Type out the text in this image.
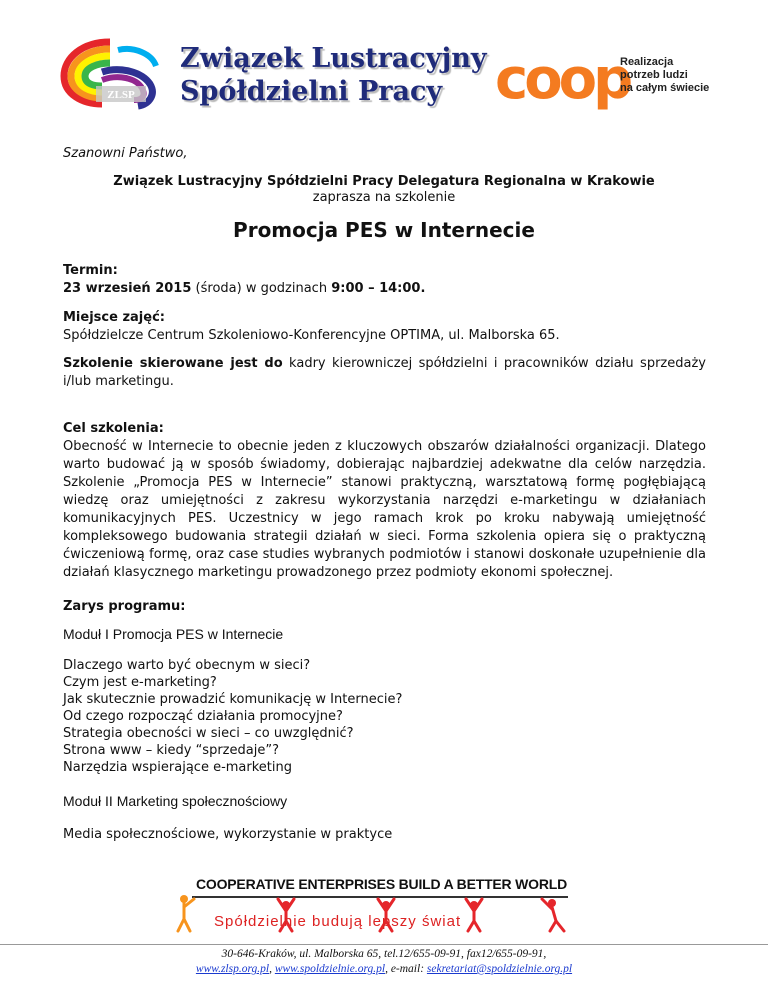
ZLSP
Związek Lustracyjny
Spółdzielni Pracy coop
Realizacja
potrzeb ludzi
na całym świecie
Szanowni Państwo,
Związek Lustracyjny Spółdzielni Pracy Delegatura Regionalna w Krakowie
zaprasza na szkolenie
Promocja PES w Internecie
Termin:
23 wrzesień 2015 (środa) w godzinach 9:00 – 14:00.
Miejsce zajęć:
Spółdzielcze Centrum Szkoleniowo-Konferencyjne OPTIMA, ul. Malborska 65.
Szkolenie skierowane jest do kadry kierowniczej spółdzielni i pracowników działu sprzedaży i/lub marketingu.
Cel szkolenia:
Obecność w Internecie to obecnie jeden z kluczowych obszarów działalności organizacji. Dlatego warto budować ją w sposób świadomy, dobierając najbardziej adekwatne dla celów narzędzia. Szkolenie „Promocja PES w Internecie” stanowi praktyczną, warsztatową formę pogłębiającą wiedzę oraz umiejętności z zakresu wykorzystania narzędzi e-marketingu w działaniach komunikacyjnych PES. Uczestnicy w jego ramach krok po kroku nabywają umiejętność kompleksowego budowania strategii działań w sieci. Forma szkolenia opiera się o praktyczną ćwiczeniową formę, oraz case studies wybranych podmiotów i stanowi doskonałe uzupełnienie dla działań klasycznego marketingu prowadzonego przez podmioty ekonomi społecznej.
Zarys programu:
Moduł I Promocja PES w Internecie
Dlaczego warto być obecnym w sieci?
Czym jest e-marketing?
Jak skutecznie prowadzić komunikację w Internecie?
Od czego rozpocząć działania promocyjne?
Strategia obecności w sieci – co uwzględnić?
Strona www – kiedy “sprzedaje”?
Narzędzia wspierające e-marketing
Moduł II Marketing społecznościowy
Media społecznościowe, wykorzystanie w praktyce
COOPERATIVE ENTERPRISES BUILD A BETTER WORLD
Spółdzielnie budują lepszy świat
30-646-Kraków, ul. Malborska 65, tel.12/655-09-91, fax12/655-09-91,
www.zlsp.org.pl, www.spoldzielnie.org.pl, e-mail: sekretariat@spoldzielnie.org.pl
